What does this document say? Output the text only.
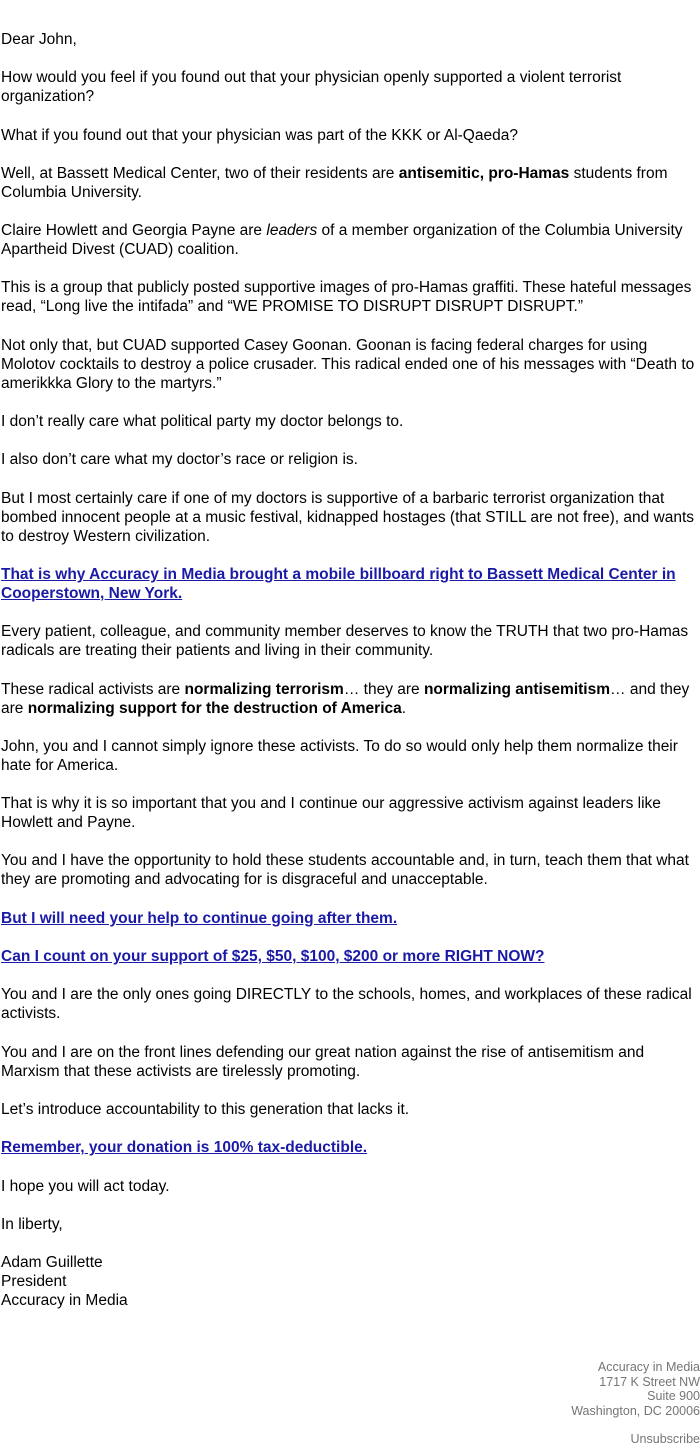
Dear John,

How would you feel if you found out that your physician openly supported a violent terrorist organization?

What if you found out that your physician was part of the KKK or Al-Qaeda?

Well, at Bassett Medical Center, two of their residents are antisemitic, pro-Hamas students from Columbia University.

Claire Howlett and Georgia Payne are leaders of a member organization of the Columbia University Apartheid Divest (CUAD) coalition.

This is a group that publicly posted supportive images of pro-Hamas graffiti. These hateful messages read, “Long live the intifada” and “WE PROMISE TO DISRUPT DISRUPT DISRUPT.”

Not only that, but CUAD supported Casey Goonan. Goonan is facing federal charges for using Molotov cocktails to destroy a police crusader. This radical ended one of his messages with “Death to amerikkka Glory to the martyrs.”

I don’t really care what political party my doctor belongs to.

I also don’t care what my doctor’s race or religion is.

But I most certainly care if one of my doctors is supportive of a barbaric terrorist organization that bombed innocent people at a music festival, kidnapped hostages (that STILL are not free), and wants to destroy Western civilization.

That is why Accuracy in Media brought a mobile billboard right to Bassett Medical Center in Cooperstown, New York.

Every patient, colleague, and community member deserves to know the TRUTH that two pro-Hamas radicals are treating their patients and living in their community.

These radical activists are normalizing terrorism… they are normalizing antisemitism… and they are normalizing support for the destruction of America.

John, you and I cannot simply ignore these activists. To do so would only help them normalize their hate for America.

That is why it is so important that you and I continue our aggressive activism against leaders like Howlett and Payne.

You and I have the opportunity to hold these students accountable and, in turn, teach them that what they are promoting and advocating for is disgraceful and unacceptable.

But I will need your help to continue going after them.

Can I count on your support of $25, $50, $100, $200 or more RIGHT NOW?

You and I are the only ones going DIRECTLY to the schools, homes, and workplaces of these radical activists.

You and I are on the front lines defending our great nation against the rise of antisemitism and Marxism that these activists are tirelessly promoting.

Let’s introduce accountability to this generation that lacks it.

Remember, your donation is 100% tax-deductible.

I hope you will act today.

In liberty,

Adam Guillette

President

Accuracy in Media

Accuracy in Media
1717 K Street NW
Suite 900
Washington, DC 20006
Unsubscribe
